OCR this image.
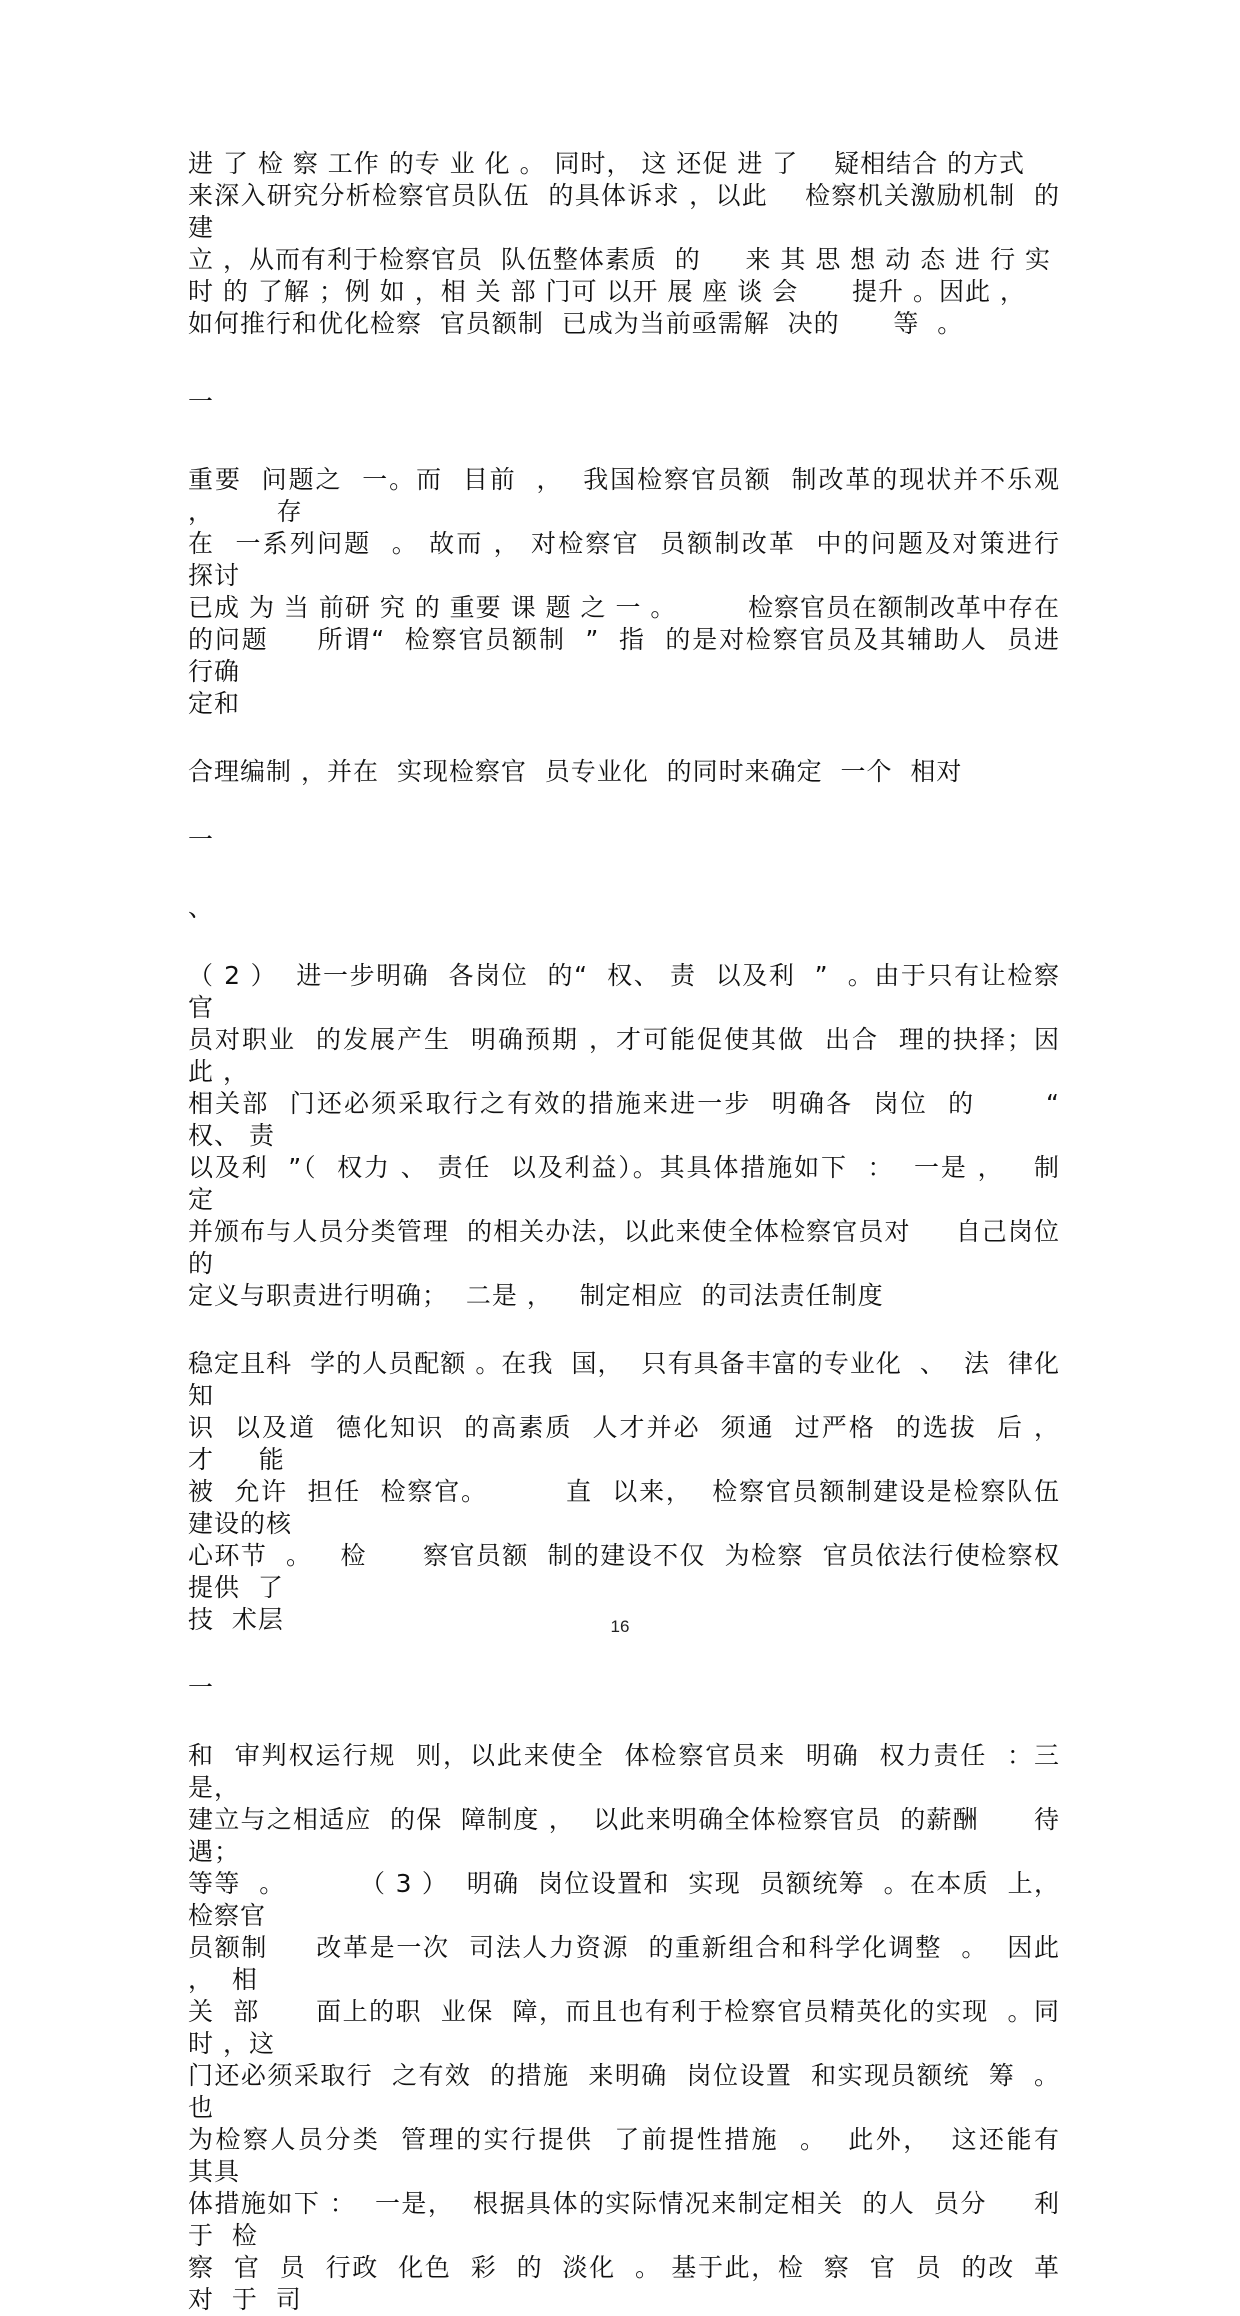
进 了 检 察 工作 的专 业 化 。 同时， 这 还促 进 了    疑相结合 的方式
来深入研究分析检察官员队伍  的具体诉求 ，以此    检察机关激励机制  的建
立 ，从而有利于检察官员  队伍整体素质  的     来 其 思 想 动 态 进 行 实
时 的 了解 ；例 如 ，相 关 部 门可 以开 展 座 谈 会      提升 。因此 ，
如何推行和优化检察  官员额制  已成为当前亟需解  决的      等  。

一

重要  问题之  一。而  目前  ，  我国检察官员额  制改革的现状并不乐观  ，       存
在  一系列问题  。 故而 ， 对检察官  员额制改革  中的问题及对策进行     探讨
已成 为 当 前研 究 的 重要 课 题 之 一 。        检察官员在额制改革中存在
的问题     所谓“  检察官员额制  ”  指  的是对检察官员及其辅助人  员进  行确
定和

合理编制 ，并在  实现检察官  员专业化  的同时来确定  一个  相对

一

、

（ 2 ）  进一步明确  各岗位  的“  权、 责  以及利  ”  。由于只有让检察  官
员对职业  的发展产生  明确预期 ，才可能促使其做  出合  理的抉择；因     此 ，
相关部  门还必须采取行之有效的措施来进一步  明确各  岗位  的       “  权、 责
以及利  ”（  权力 、 责任  以及利益）。其具体措施如下  ：  一是 ，   制    定
并颁布与人员分类管理  的相关办法，以此来使全体检察官员对     自己岗位  的
定义与职责进行明确；  二是 ，   制定相应  的司法责任制度

稳定且科  学的人员配额 。在我  国，  只有具备丰富的专业化  、  法  律化     知
识  以及道  德化知识  的高素质  人才并必  须通  过严格  的选拔  后 ，   才     能
被  允许  担任  检察官。        直  以来，  检察官员额制建设是检察队伍  建设的核
心环节  。   检      察官员额  制的建设不仅  为检察  官员依法行使检察权提供  了
技  术层

一

和  审判权运行规  则，以此来使全  体检察官员来  明确  权力责任  ：三      是，
建立与之相适应  的保  障制度 ，  以此来明确全体检察官员  的薪酬      待  遇；
等等  。        （ 3 ）  明确  岗位设置和  实现  员额统筹  。在本质  上，  检察官
员额制     改革是一次  司法人力资源  的重新组合和科学化调整  。  因此 ，  相
关  部      面上的职  业保  障，而且也有利于检察官员精英化的实现  。同时 ，这
门还必须采取行  之有效  的措施  来明确  岗位设置  和实现员额统  筹  。        也
为检察人员分类  管理的实行提供  了前提性措施  。  此外，  这还能有     其具
体措施如下 ：  一是，  根据具体的实际情况来制定相关  的人  员分     利  于  检
察  官  员  行政  化色  彩  的  淡化  。 基于此，检  察  官  员  的改  革  对  于  司

16
